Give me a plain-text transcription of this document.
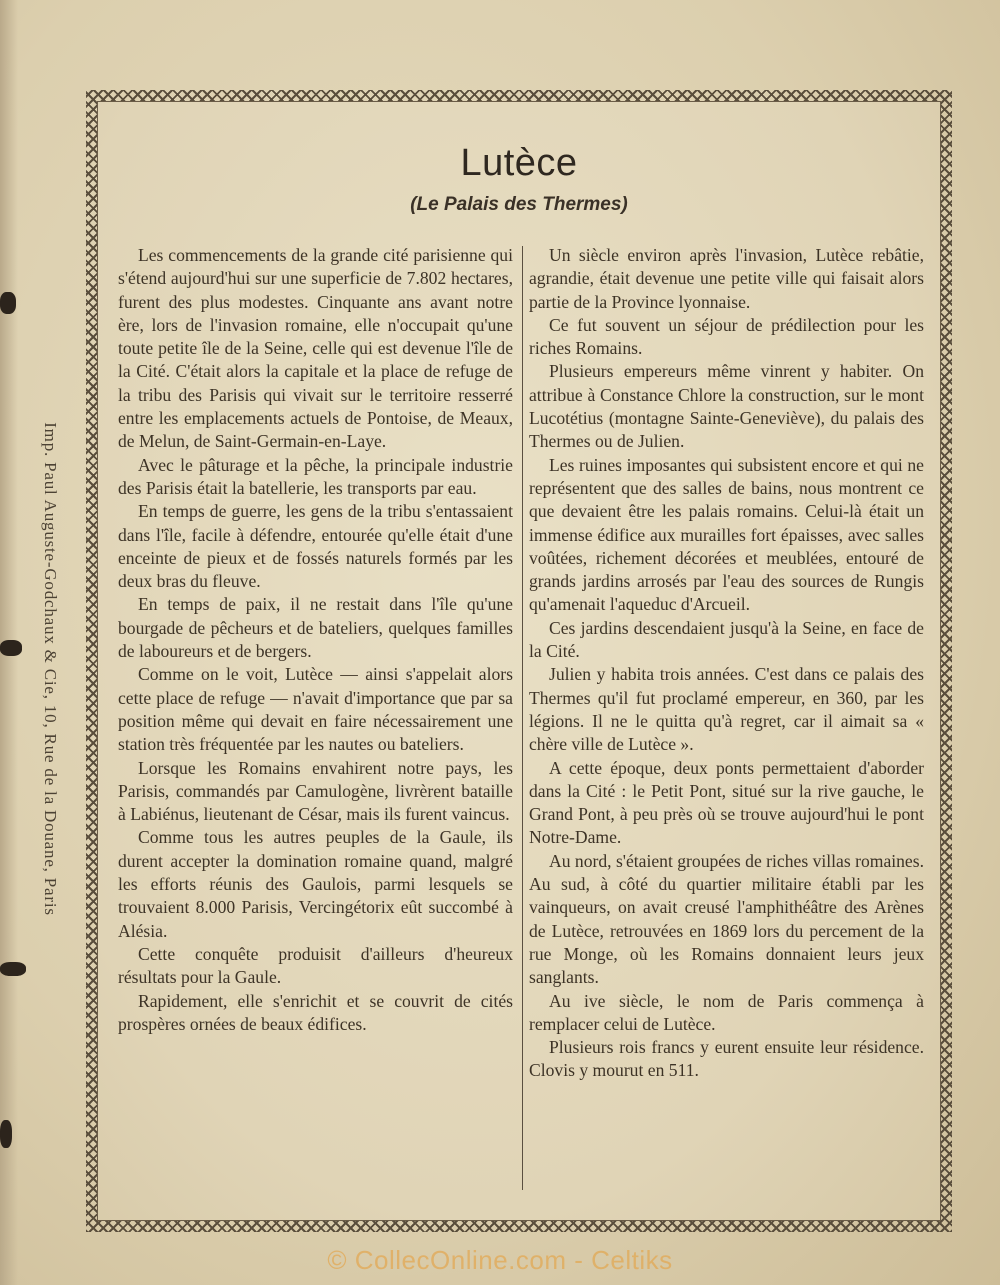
Imp. Paul Auguste-Godchaux & Cie, 10, Rue de la Douane, Paris
Lutèce
(Le Palais des Thermes)

Les commencements de la grande cité parisienne qui s'étend aujourd'hui sur une superficie de 7.802 hectares, furent des plus modestes. Cinquante ans avant notre ère, lors de l'invasion romaine, elle n'occupait qu'une toute petite île de la Seine, celle qui est devenue l'île de la Cité. C'était alors la capitale et la place de refuge de la tribu des Parisis qui vivait sur le territoire resserré entre les emplacements actuels de Pontoise, de Meaux, de Melun, de Saint-Germain-en-Laye.

Avec le pâturage et la pêche, la principale industrie des Parisis était la batellerie, les transports par eau.

En temps de guerre, les gens de la tribu s'entassaient dans l'île, facile à défendre, entourée qu'elle était d'une enceinte de pieux et de fossés naturels formés par les deux bras du fleuve.

En temps de paix, il ne restait dans l'île qu'une bourgade de pêcheurs et de bateliers, quelques familles de laboureurs et de bergers.

Comme on le voit, Lutèce — ainsi s'appelait alors cette place de refuge — n'avait d'importance que par sa position même qui devait en faire nécessairement une station très fréquentée par les nautes ou bateliers.

Lorsque les Romains envahirent notre pays, les Parisis, commandés par Camulogène, livrèrent bataille à Labiénus, lieutenant de César, mais ils furent vaincus.

Comme tous les autres peuples de la Gaule, ils durent accepter la domination romaine quand, malgré les efforts réunis des Gaulois, parmi lesquels se trouvaient 8.000 Parisis, Vercingétorix eût succombé à Alésia.

Cette conquête produisit d'ailleurs d'heureux résultats pour la Gaule.

Rapidement, elle s'enrichit et se couvrit de cités prospères ornées de beaux édifices.

Un siècle environ après l'invasion, Lutèce rebâtie, agrandie, était devenue une petite ville qui faisait alors partie de la Province lyonnaise.

Ce fut souvent un séjour de prédilection pour les riches Romains.

Plusieurs empereurs même vinrent y habiter. On attribue à Constance Chlore la construction, sur le mont Lucotétius (montagne Sainte-Geneviève), du palais des Thermes ou de Julien.

Les ruines imposantes qui subsistent encore et qui ne représentent que des salles de bains, nous montrent ce que devaient être les palais romains. Celui-là était un immense édifice aux murailles fort épaisses, avec salles voûtées, richement décorées et meublées, entouré de grands jardins arrosés par l'eau des sources de Rungis qu'amenait l'aqueduc d'Arcueil.

Ces jardins descendaient jusqu'à la Seine, en face de la Cité.

Julien y habita trois années. C'est dans ce palais des Thermes qu'il fut proclamé empereur, en 360, par les légions. Il ne le quitta qu'à regret, car il aimait sa « chère ville de Lutèce ».

A cette époque, deux ponts permettaient d'aborder dans la Cité : le Petit Pont, situé sur la rive gauche, le Grand Pont, à peu près où se trouve aujourd'hui le pont Notre-Dame.

Au nord, s'étaient groupées de riches villas romaines. Au sud, à côté du quartier militaire établi par les vainqueurs, on avait creusé l'amphithéâtre des Arènes de Lutèce, retrouvées en 1869 lors du percement de la rue Monge, où les Romains donnaient leurs jeux sanglants.

Au ive siècle, le nom de Paris commença à remplacer celui de Lutèce.

Plusieurs rois francs y eurent ensuite leur résidence. Clovis y mourut en 511.

© CollecOnline.com - Celtiks
